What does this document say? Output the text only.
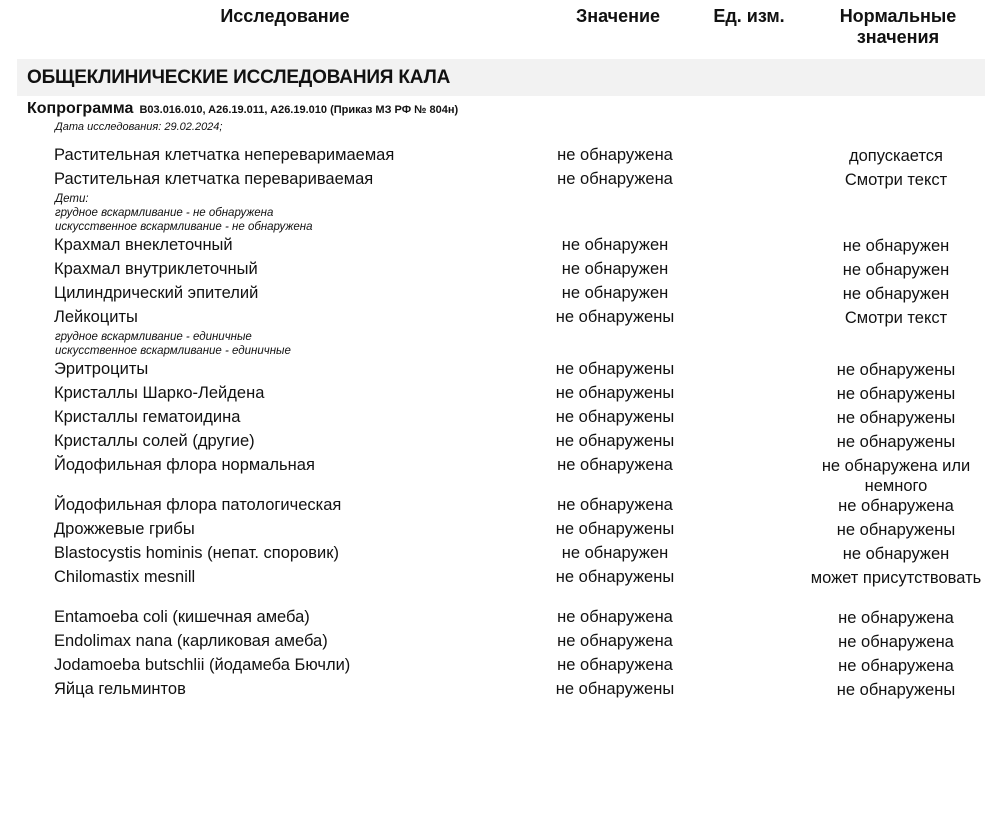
Исследование	Значение	Ед. изм.	Нормальные значения
ОБЩЕКЛИНИЧЕСКИЕ ИССЛЕДОВАНИЯ КАЛА
Копрограмма B03.016.010, A26.19.011, A26.19.010 (Приказ МЗ РФ № 804н)
Дата исследования: 29.02.2024;
Растительная клетчатка непереваримаемая	не обнаружена	допускается
Растительная клетчатка перевариваемая	не обнаружена	Смотри текст
Дети:
грудное вскармливание - не обнаружена
искусственное вскармливание - не обнаружена
Крахмал внеклеточный	не обнаружен	не обнаружен
Крахмал внутриклеточный	не обнаружен	не обнаружен
Цилиндрический эпителий	не обнаружен	не обнаружен
Лейкоциты	не обнаружены	Смотри текст
грудное вскармливание - единичные
искусственное вскармливание - единичные
Эритроциты	не обнаружены	не обнаружены
Кристаллы Шарко-Лейдена	не обнаружены	не обнаружены
Кристаллы гематоидина	не обнаружены	не обнаружены
Кристаллы солей (другие)	не обнаружены	не обнаружены
Йодофильная флора нормальная	не обнаружена	не обнаружена или немного
Йодофильная флора патологическая	не обнаружена	не обнаружена
Дрожжевые грибы	не обнаружены	не обнаружены
Blastocystis hominis (непат. споровик)	не обнаружен	не обнаружен
Chilomastix mesnill	не обнаружены	может присутствовать
Entamoeba coli (кишечная амеба)	не обнаружена	не обнаружена
Endolimax nana (карликовая амеба)	не обнаружена	не обнаружена
Jodamoeba butschlii (йодамеба Бючли)	не обнаружена	не обнаружена
Яйца гельминтов	не обнаружены	не обнаружены
